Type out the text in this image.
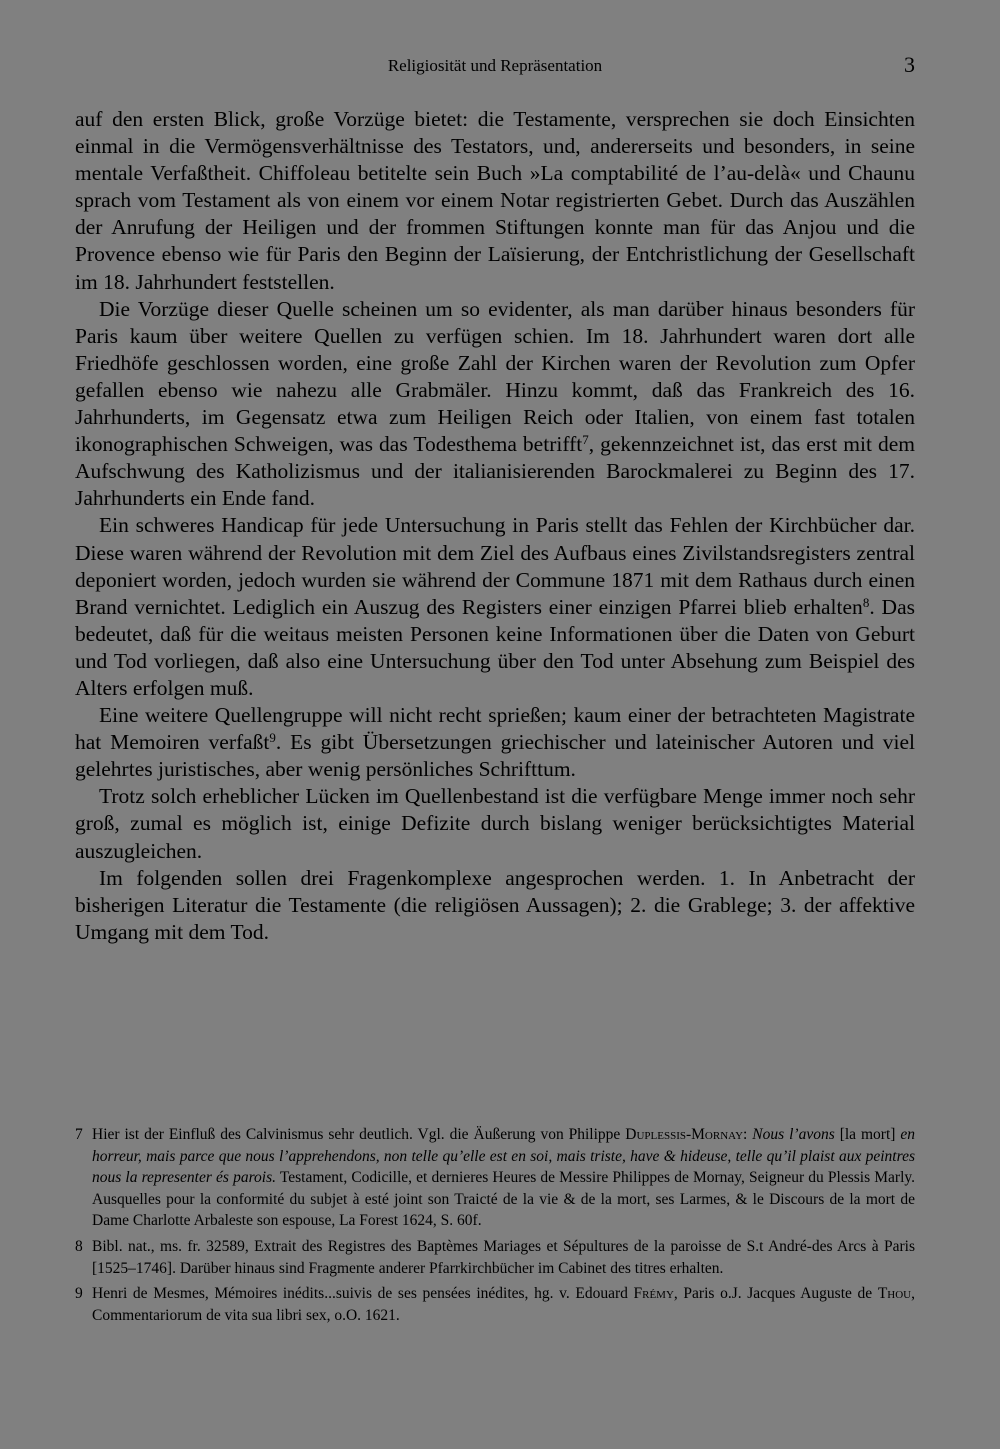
Religiosität und Repräsentation	3

auf den ersten Blick, große Vorzüge bietet: die Testamente, versprechen sie doch Einsichten einmal in die Vermögensverhältnisse des Testators, und, andererseits und besonders, in seine mentale Verfaßtheit. Chiffoleau betitelte sein Buch »La comptabilité de l’au-delà« und Chaunu sprach vom Testament als von einem vor einem Notar registrierten Gebet. Durch das Auszählen der Anrufung der Heiligen und der frommen Stiftungen konnte man für das Anjou und die Provence ebenso wie für Paris den Beginn der Laïsierung, der Entchristlichung der Gesellschaft im 18. Jahrhundert feststellen.

Die Vorzüge dieser Quelle scheinen um so evidenter, als man darüber hinaus besonders für Paris kaum über weitere Quellen zu verfügen schien. Im 18. Jahrhundert waren dort alle Friedhöfe geschlossen worden, eine große Zahl der Kirchen waren der Revolution zum Opfer gefallen ebenso wie nahezu alle Grabmäler. Hinzu kommt, daß das Frankreich des 16. Jahrhunderts, im Gegensatz etwa zum Heiligen Reich oder Italien, von einem fast totalen ikonographischen Schweigen, was das Todesthema betrifft$^7$, gekennzeichnet ist, das erst mit dem Aufschwung des Katholizismus und der italianisierenden Barockmalerei zu Beginn des 17. Jahrhunderts ein Ende fand.

Ein schweres Handicap für jede Untersuchung in Paris stellt das Fehlen der Kirchbücher dar. Diese waren während der Revolution mit dem Ziel des Aufbaus eines Zivilstandsregisters zentral deponiert worden, jedoch wurden sie während der Commune 1871 mit dem Rathaus durch einen Brand vernichtet. Lediglich ein Auszug des Registers einer einzigen Pfarrei blieb erhalten$^8$. Das bedeutet, daß für die weitaus meisten Personen keine Informationen über die Daten von Geburt und Tod vorliegen, daß also eine Untersuchung über den Tod unter Absehung zum Beispiel des Alters erfolgen muß.

Eine weitere Quellengruppe will nicht recht sprießen; kaum einer der betrachteten Magistrate hat Memoiren verfaßt$^9$. Es gibt Übersetzungen griechischer und lateinischer Autoren und viel gelehrtes juristisches, aber wenig persönliches Schrifttum.

Trotz solch erheblicher Lücken im Quellenbestand ist die verfügbare Menge immer noch sehr groß, zumal es möglich ist, einige Defizite durch bislang weniger berücksichtigtes Material auszugleichen.

Im folgenden sollen drei Fragenkomplexe angesprochen werden. 1. In Anbetracht der bisherigen Literatur die Testamente (die religiösen Aussagen); 2. die Grablege; 3. der affektive Umgang mit dem Tod.

7 Hier ist der Einfluß des Calvinismus sehr deutlich. Vgl. die Äußerung von Philippe Duplessis-Mornay: Nous l’avons [la mort] en horreur, mais parce que nous l’apprehendons, non telle qu’elle est en soi, mais triste, have & hideuse, telle qu’il plaist aux peintres nous la representer és parois. Testament, Codicille, et dernieres Heures de Messire Philippes de Mornay, Seigneur du Plessis Marly. Ausquelles pour la conformité du subjet à esté joint son Traicté de la vie & de la mort, ses Larmes, & le Discours de la mort de Dame Charlotte Arbaleste son espouse, La Forest 1624, S. 60f.
8 Bibl. nat., ms. fr. 32589, Extrait des Registres des Baptèmes Mariages et Sépultures de la paroisse de S.t André-des Arcs à Paris [1525–1746]. Darüber hinaus sind Fragmente anderer Pfarrkirchbücher im Cabinet des titres erhalten.
9 Henri de Mesmes, Mémoires inédits...suivis de ses pensées inédites, hg. v. Edouard Frémy, Paris o.J. Jacques Auguste de Thou, Commentariorum de vita sua libri sex, o.O. 1621.
